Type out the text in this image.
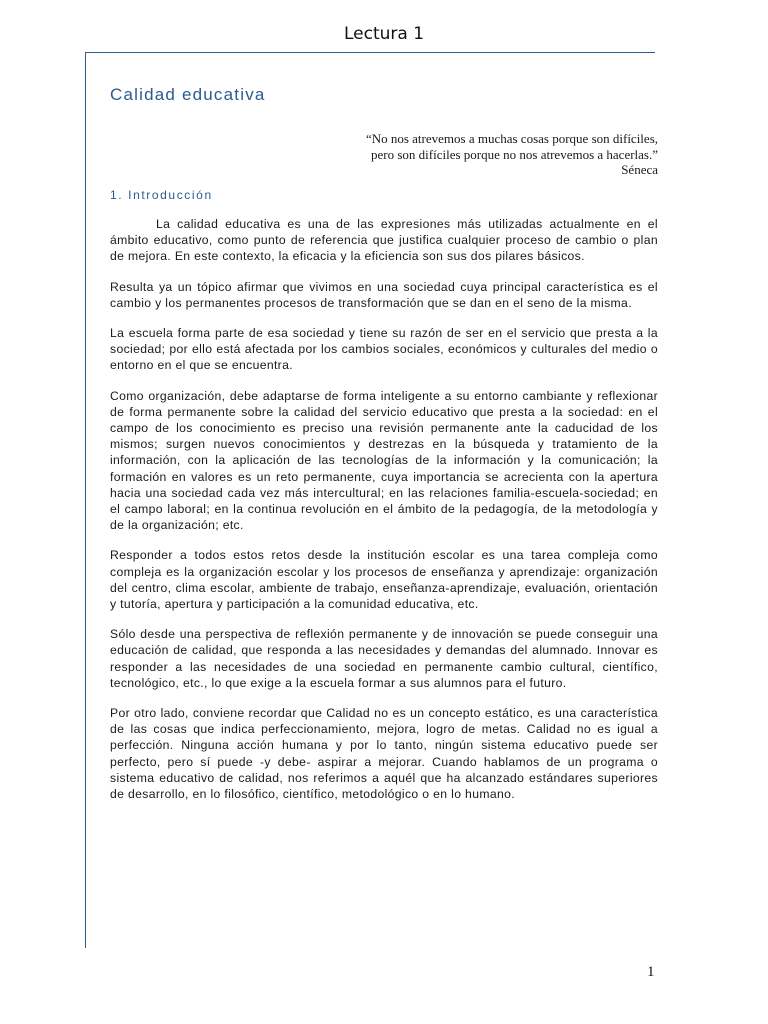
Lectura 1
Calidad educativa
“No nos atrevemos a muchas cosas porque son difíciles,
pero son difíciles porque no nos atrevemos a hacerlas.”
Séneca
1. Introducción

La calidad educativa es una de las expresiones más utilizadas actualmente en el ámbito educativo, como punto de referencia que justifica cualquier proceso de cambio o plan de mejora. En este contexto, la eficacia y la eficiencia son sus dos pilares básicos.

Resulta ya un tópico afirmar que vivimos en una sociedad cuya principal característica es el cambio y los permanentes procesos de transformación que se dan en el seno de la misma.

La escuela forma parte de esa sociedad y tiene su razón de ser en el servicio que presta a la sociedad; por ello está afectada por los cambios sociales, económicos y culturales del medio o entorno en el que se encuentra.

Como organización, debe adaptarse de forma inteligente a su entorno cambiante y reflexionar de forma permanente sobre la calidad del servicio educativo que presta a la sociedad: en el campo de los conocimiento es preciso una revisión permanente ante la caducidad de los mismos; surgen nuevos conocimientos y destrezas en la búsqueda y tratamiento de la información, con la aplicación de las tecnologías de la información y la comunicación; la formación en valores es un reto permanente, cuya importancia se acrecienta con la apertura hacia una sociedad cada vez más intercultural; en las relaciones familia-escuela-sociedad; en el campo laboral; en la continua revolución en el ámbito de la pedagogía, de la metodología y de la organización; etc.

Responder a todos estos retos desde la institución escolar es una tarea compleja como compleja es la organización escolar y los procesos de enseñanza y aprendizaje: organización del centro, clima escolar, ambiente de trabajo, enseñanza-aprendizaje, evaluación, orientación y tutoría, apertura y participación a la comunidad educativa, etc.

Sólo desde una perspectiva de reflexión permanente y de innovación se puede conseguir una educación de calidad, que responda a las necesidades y demandas del alumnado. Innovar es responder a las necesidades de una sociedad en permanente cambio cultural, científico, tecnológico, etc., lo que exige a la escuela formar a sus alumnos para el futuro.

Por otro lado, conviene recordar que Calidad no es un concepto estático, es una característica de las cosas que indica perfeccionamiento, mejora, logro de metas. Calidad no es igual a perfección. Ninguna acción humana y por lo tanto, ningún sistema educativo puede ser perfecto, pero sí puede -y debe- aspirar a mejorar. Cuando hablamos de un programa o sistema educativo de calidad, nos referimos a aquél que ha alcanzado estándares superiores de desarrollo, en lo filosófico, científico, metodológico o en lo humano.

1
